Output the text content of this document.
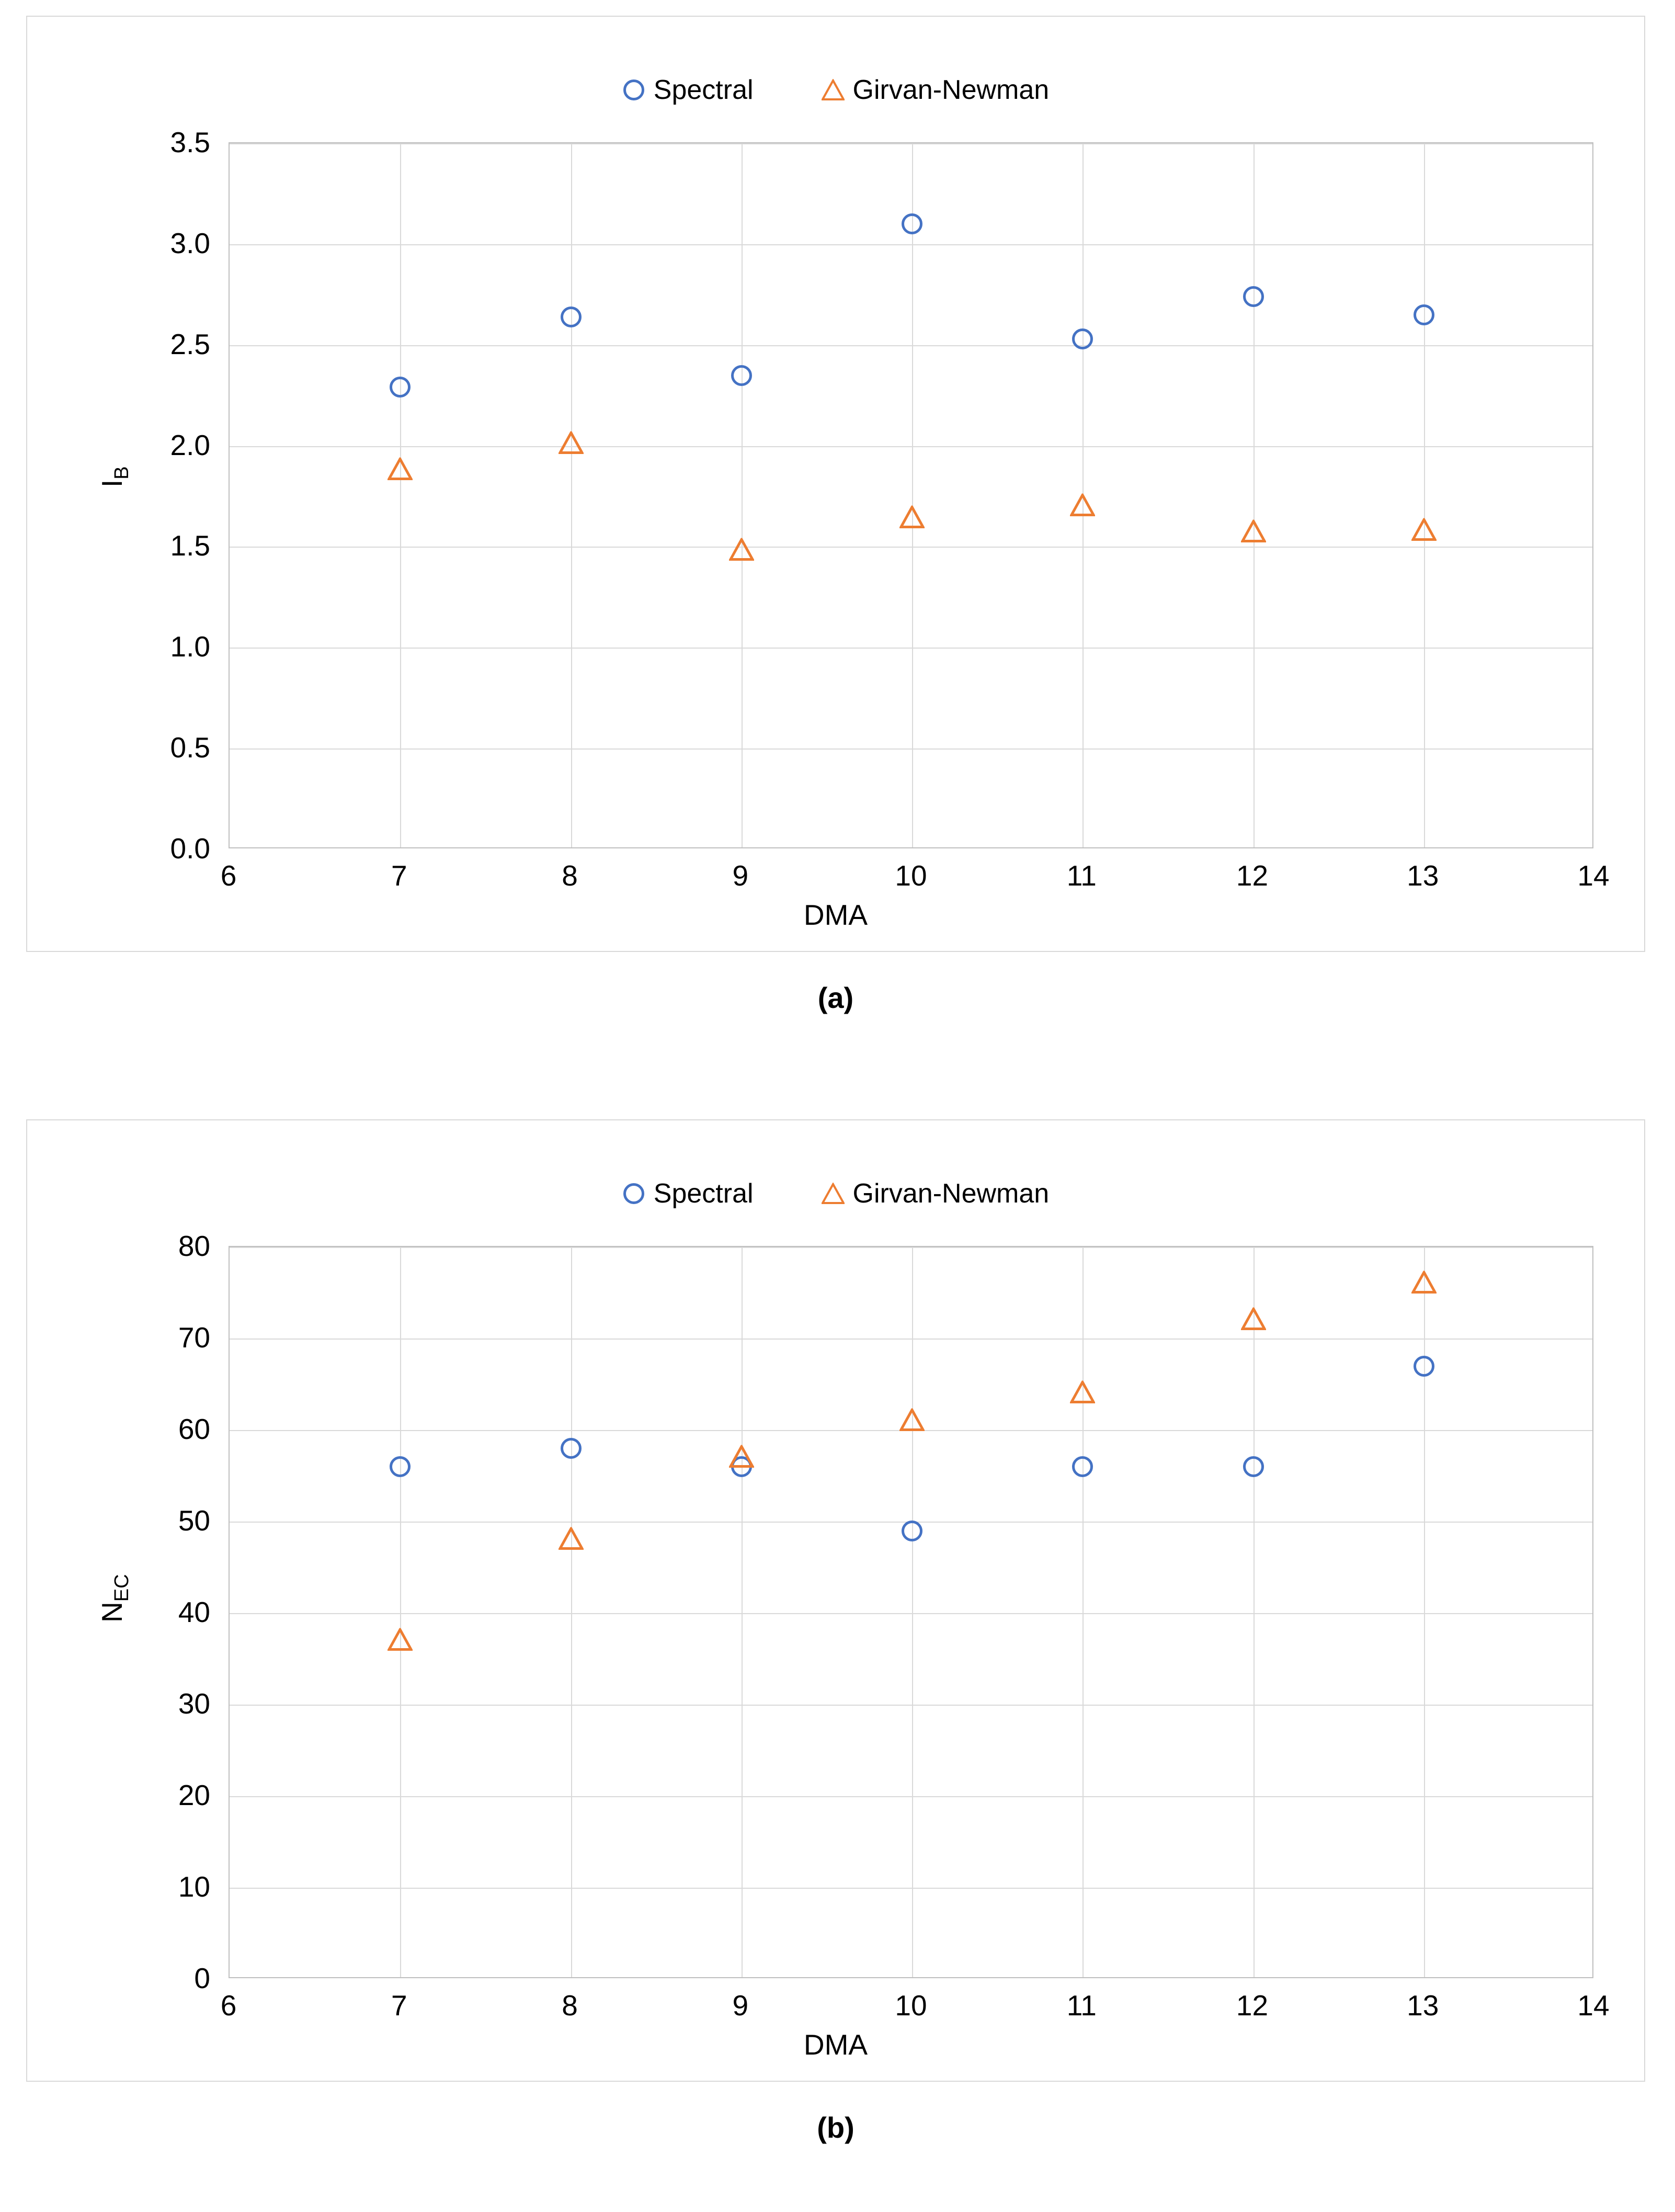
Spectral	Girvan-Newman
$I_B$
0.0
0.5
1.0
1.5
2.0
2.5
3.0
3.5
6	7	8	9	10	11	12	13	14
DMA
(a)
Spectral	Girvan-Newman
$N_{EC}$
0
10
20
30
40
50
60
70
80
6	7	8	9	10	11	12	13	14
DMA
(b)
